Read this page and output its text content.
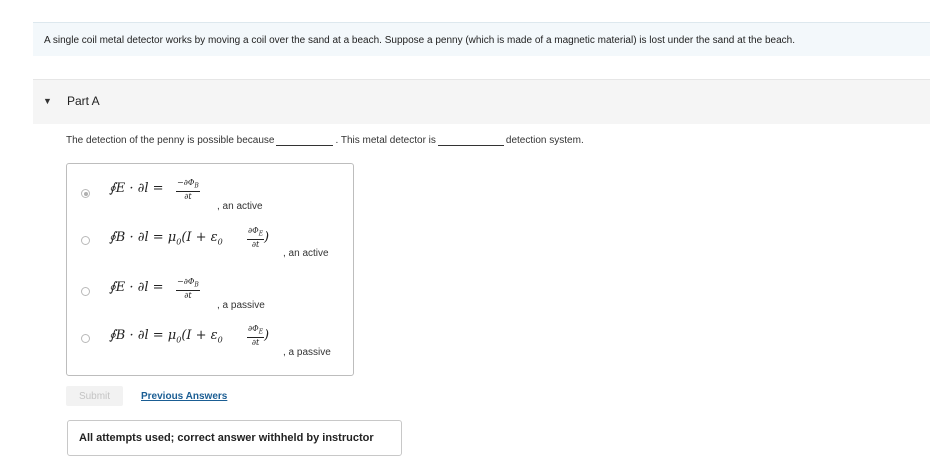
A single coil metal detector works by moving a coil over the sand at a beach. Suppose a penny (which is made of a magnetic material) is lost under the sand at the beach.
▼ Part A
The detection of the penny is possible because	. This metal detector is	detection system.
∮E · $\partial l = \frac{-\partial\Phi_B}{\partial t}$
, an active
∮B · $\partial l = \mu_0(I + \varepsilon_0$	$\frac{\partial\Phi_E}{\partial t}$ )
, an active
∮E · $\partial l = \frac{-\partial\Phi_B}{\partial t}$
, a passive
∮B · $\partial l = \mu_0(I + \varepsilon_0$	$\frac{\partial\Phi_E}{\partial t}$ )
, a passive
Submit	Previous Answers
All attempts used; correct answer withheld by instructor
